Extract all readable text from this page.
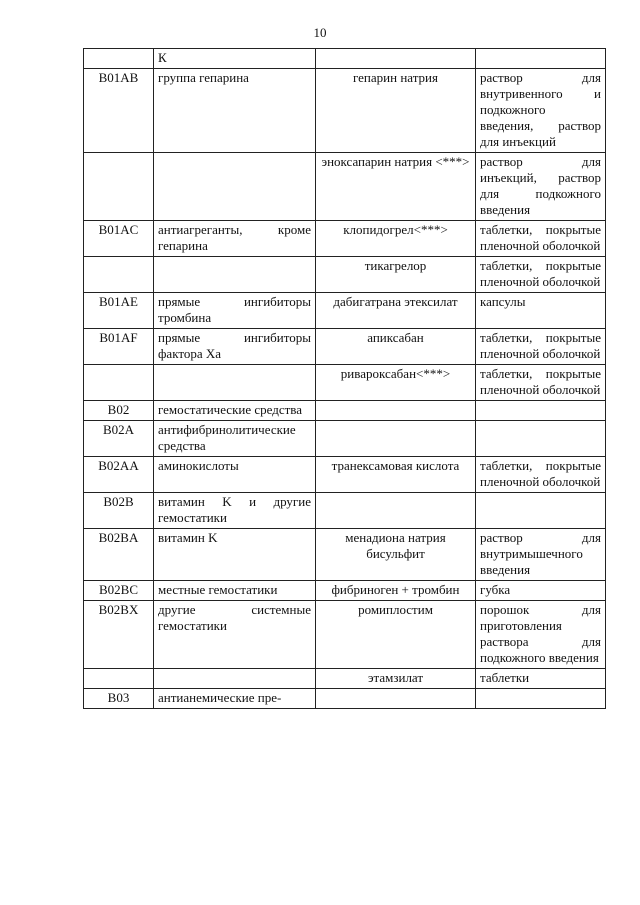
10
	К		
B01AB	группа гепарина	гепарин натрия	раствор для внутривенного и подкожного введения, раствор для инъекций
		эноксапарин натрия <***>	раствор для инъекций, раствор для подкожного введения
B01AC	антиагреганты, кроме гепарина	клопидогрел<***>	таблетки, покрытые пленочной оболочкой
		тикагрелор	таблетки, покрытые пленочной оболочкой
B01AE	прямые ингибиторы тромбина	дабигатрана этексилат	капсулы
B01AF	прямые ингибиторы фактора Xa	апиксабан	таблетки, покрытые пленочной оболочкой
		ривароксабан<***>	таблетки, покрытые пленочной оболочкой
B02	гемостатические средства		
B02A	антифибринолитические средства		
B02AA	аминокислоты	транексамовая кислота	таблетки, покрытые пленочной оболочкой
B02B	витамин K и другие гемостатики		
B02BA	витамин K	менадиона натрия бисульфит	раствор для внутримышечного введения
B02BC	местные гемостатики	фибриноген + тромбин	губка
B02BX	другие системные гемостатики	ромиплостим	порошок для приготовления раствора для подкожного введения
		этамзилат	таблетки
B03	антианемические пре-		
